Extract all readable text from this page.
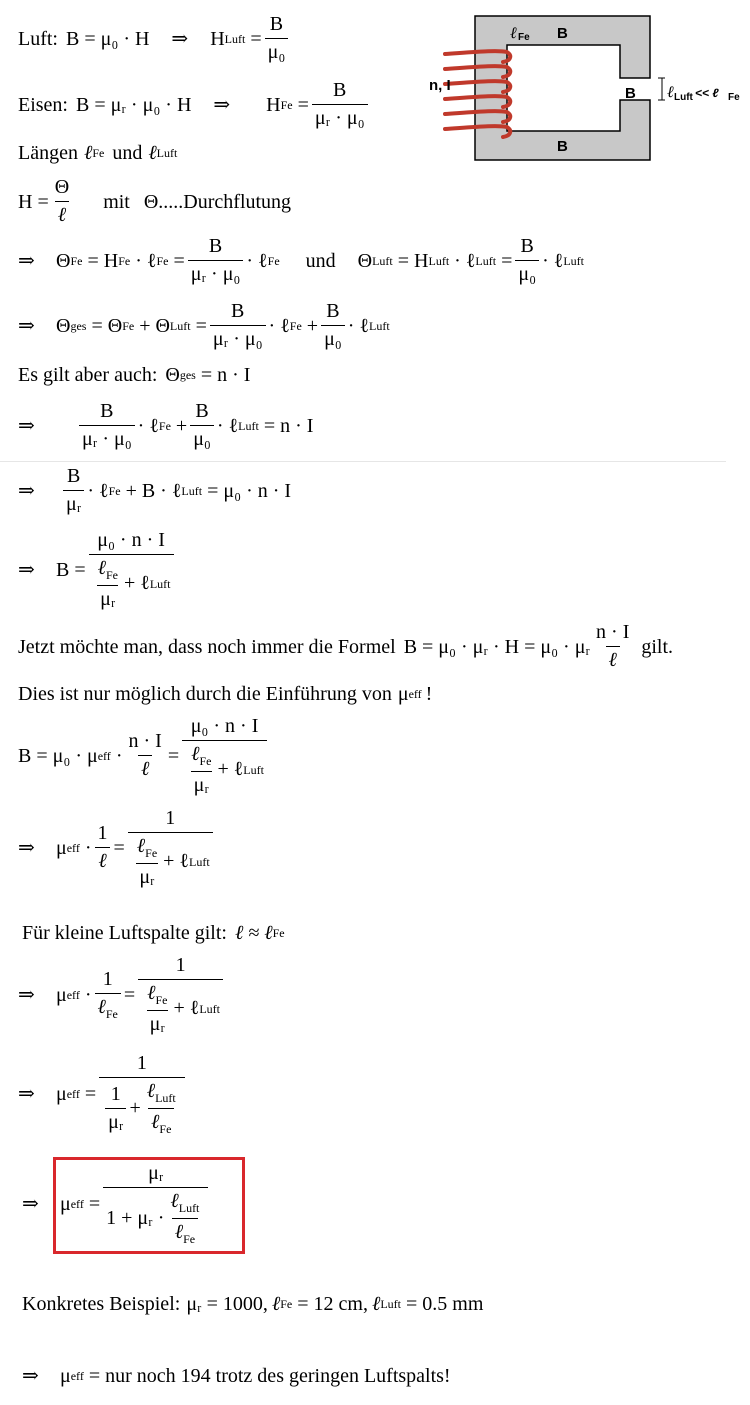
Luft: B = μ₀ · H ⇒ H Luft = $\frac{B}{\text{μ₀}}$
Eisen: B = μᵣ · μ₀ · H ⇒ H $Fe = \frac{B}{\text{μᵣ · μ₀}}$
Längen ℓ Fe und ℓ Luft
$H = \frac{\Theta}{\text{ℓ}}$ mit Θ.....Durchflutung
⇒	Θ Fe
= H Fe
· ℓ $Fe = \frac{B}{\text{μᵣ · μ₀}}$ · ℓ Fe und Θ Luft
= H Luft
· ℓ Luft = $\frac{B}{\text{μ₀}}$ · ℓ Luft
⇒	Θ ges
= Θ Fe
+ Θ Luft = $\frac{B}{\text{μᵣ · μ₀}}$ · ℓ $Fe + \frac{B}{\text{μ₀}}$ · ℓ Luft
Es gilt aber auch: Θ ges
= n · I
⇒	$\frac{B}{\text{μᵣ · μ₀}}$ · ℓ $Fe + \frac{B}{\text{μ₀}}$ · ℓ Luft
= n · I
⇒	$\frac{B}{\text{μᵣ}}$ · ℓ Fe
+ B · ℓ Luft
= μ₀ · n · I
⇒	$B = \frac{\text{μ₀ · n · I}}{\frac{\ell_{Fe}}{\text{μᵣ}} + \ell Luft}$
Jetzt möchte man, dass noch immer die Formel B = μ₀ · μᵣ · H = μ₀ · μᵣ $\frac{n \cdot I}{\text{ℓ}}$ gilt.
Dies ist nur möglich durch die Einführung von μ eff !
B = μ₀ · μ eff
· $\frac{n \cdot I}{\text{ℓ}} = \frac{\text{μ₀ · n · I}}{\frac{\ell_{Fe}}{\text{μᵣ}} + \ell Luft}$
⇒	μ eff
· $\frac{1}{\text{ℓ}} = \frac{1}{\frac{\ell_{Fe}}{\text{μᵣ}} + \ell Luft}$
Für kleine Luftspalte gilt: ℓ ≈ ℓ Fe
⇒	μ eff
· $\frac{1}{\ell_{Fe}} = \frac{1}{\frac{\ell_{Fe}}{\text{μᵣ}} + \ell Luft}$
⇒	μ eff
= $\frac{1}{\frac{1}{\text{μᵣ}} + \frac{\ell_{Luft}}{\ell_{Fe}}}$
⇒	μ eff
= $\frac{\text{μᵣ}}{1 + \mu ᵣ \cdot \frac{\ell_{Luft}}{\ell_{Fe}}}$
Konkretes Beispiel: μᵣ = 1000, ℓ Fe
= 12 cm, ℓ Luft
= 0.5 mm
⇒	μ eff
= nur noch 194 trotz des geringen Luftspalts!
ℓ Fe B
B
B
n, I	ℓ Luft << ℓ Fe
